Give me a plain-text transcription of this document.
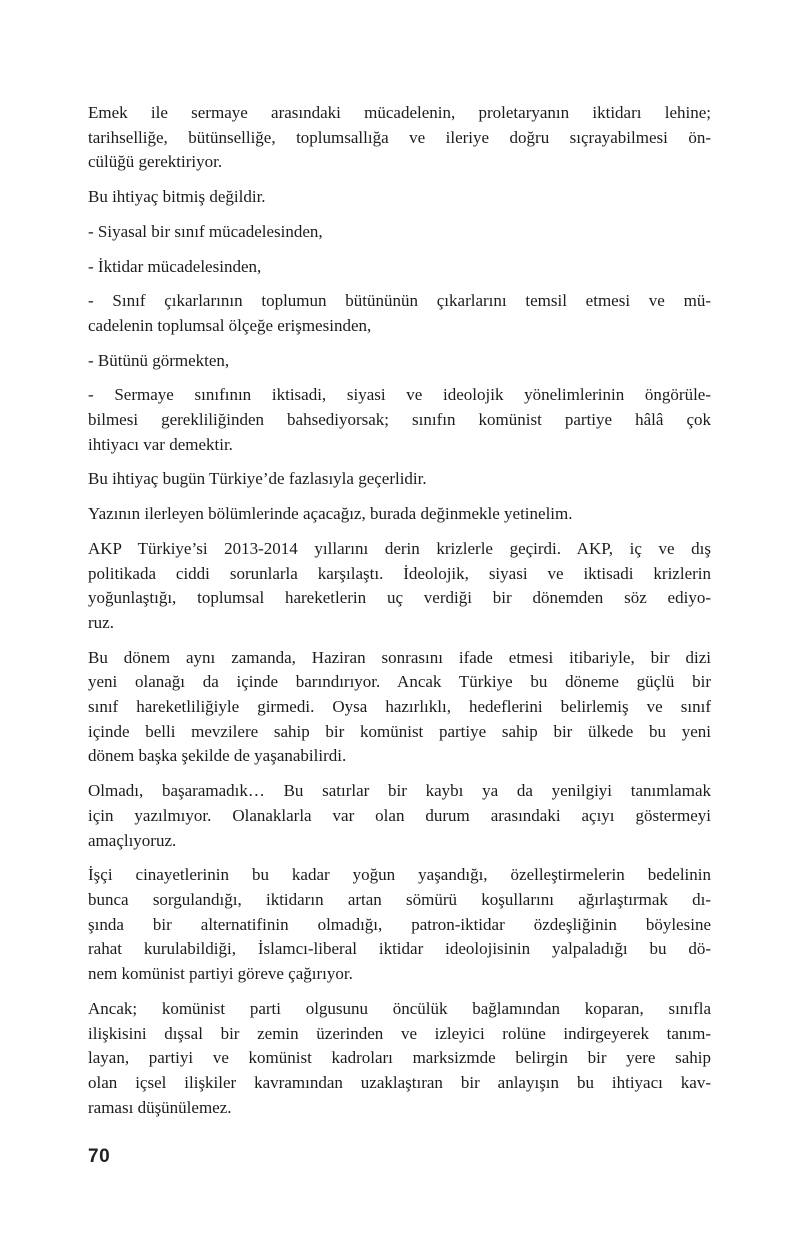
Emek ile sermaye arasındaki mücadelenin, proletaryanın iktidarı lehine;
tarihselliğe, bütünselliğe, toplumsallığa ve ileriye doğru sıçrayabilmesi ön-
cülüğü gerektiriyor.
Bu ihtiyaç bitmiş değildir.
- Siyasal bir sınıf mücadelesinden,
- İktidar mücadelesinden,
- Sınıf çıkarlarının toplumun bütününün çıkarlarını temsil etmesi ve mü-
cadelenin toplumsal ölçeğe erişmesinden,
- Bütünü görmekten,
- Sermaye sınıfının iktisadi, siyasi ve ideolojik yönelimlerinin öngörüle-
bilmesi gerekliliğinden bahsediyorsak; sınıfın komünist partiye hâlâ çok
ihtiyacı var demektir.
Bu ihtiyaç bugün Türkiye’de fazlasıyla geçerlidir.
Yazının ilerleyen bölümlerinde açacağız, burada değinmekle yetinelim.
AKP Türkiye’si 2013-2014 yıllarını derin krizlerle geçirdi. AKP, iç ve dış
politikada ciddi sorunlarla karşılaştı. İdeolojik, siyasi ve iktisadi krizlerin
yoğunlaştığı, toplumsal hareketlerin uç verdiği bir dönemden söz ediyo-
ruz.
Bu dönem aynı zamanda, Haziran sonrasını ifade etmesi itibariyle, bir dizi
yeni olanağı da içinde barındırıyor. Ancak Türkiye bu döneme güçlü bir
sınıf hareketliliğiyle girmedi. Oysa hazırlıklı, hedeflerini belirlemiş ve sınıf
içinde belli mevzilere sahip bir komünist partiye sahip bir ülkede bu yeni
dönem başka şekilde de yaşanabilirdi.
Olmadı, başaramadık… Bu satırlar bir kaybı ya da yenilgiyi tanımlamak
için yazılmıyor. Olanaklarla var olan durum arasındaki açıyı göstermeyi
amaçlıyoruz.
İşçi cinayetlerinin bu kadar yoğun yaşandığı, özelleştirmelerin bedelinin
bunca sorgulandığı, iktidarın artan sömürü koşullarını ağırlaştırmak dı-
şında bir alternatifinin olmadığı, patron-iktidar özdeşliğinin böylesine
rahat kurulabildiği, İslamcı-liberal iktidar ideolojisinin yalpaladığı bu dö-
nem komünist partiyi göreve çağırıyor.
Ancak; komünist parti olgusunu öncülük bağlamından koparan, sınıfla
ilişkisini dışsal bir zemin üzerinden ve izleyici rolüne indirgeyerek tanım-
layan, partiyi ve komünist kadroları marksizmde belirgin bir yere sahip
olan içsel ilişkiler kavramından uzaklaştıran bir anlayışın bu ihtiyacı kav-
raması düşünülemez.
70
